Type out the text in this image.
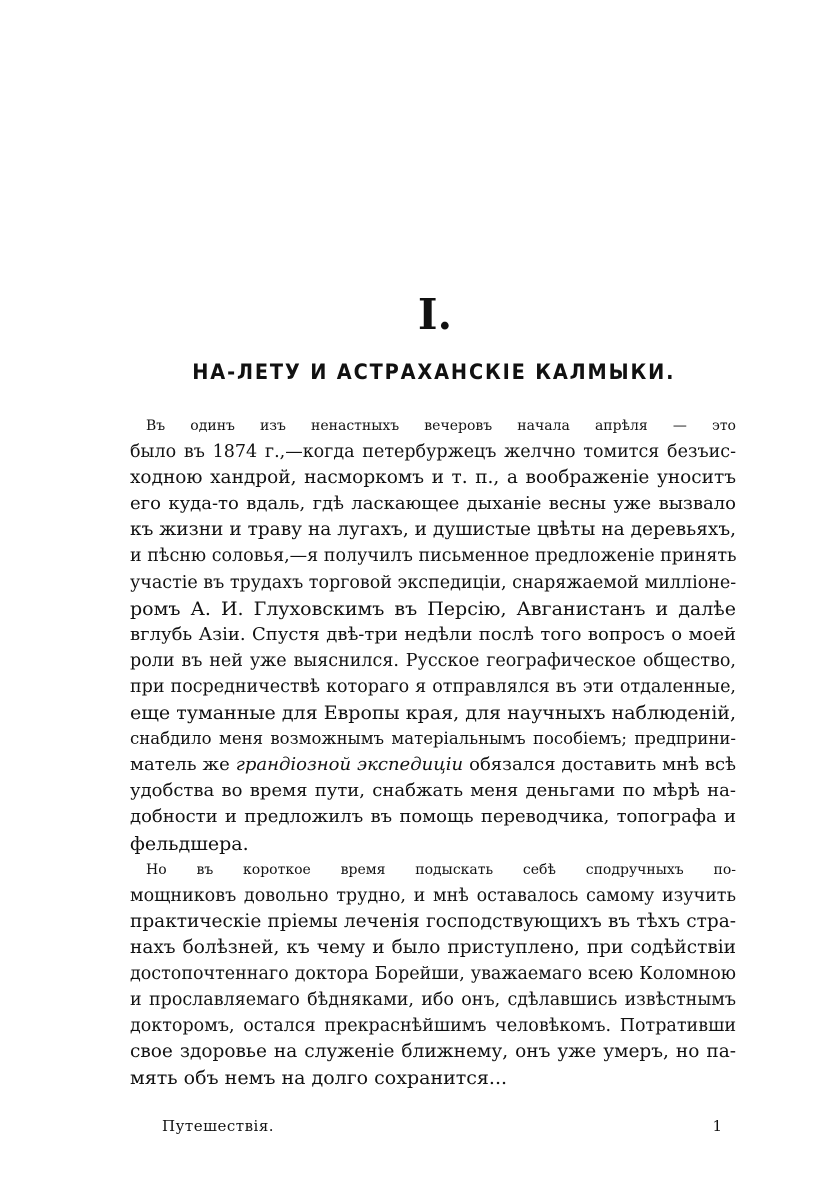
I.
НА-ЛЕТУ И АСТРАХАНСКІЕ КАЛМЫКИ.

Въ одинъ изъ ненастныхъ вечеровъ начала апрѣля — это
было въ 1874 г.,—когда петербуржецъ желчно томится безъис-
ходною хандрой, насморкомъ и т. п., а воображеніе уноситъ
его куда-то вдаль, гдѣ ласкающее дыханіе весны уже вызвало
къ жизни и траву на лугахъ, и душистые цвѣты на деревьяхъ,
и пѣсню соловья,—я получилъ письменное предложеніе принять
участіе въ трудахъ торговой экспедиціи, снаряжаемой милліоне-
ромъ А. И. Глуховскимъ въ Персію, Авганистанъ и далѣе
вглубь Азіи. Спустя двѣ-три недѣли послѣ того вопросъ о моей
роли въ ней уже выяснился. Русское географическое общество,
при посредничествѣ котораго я отправлялся въ эти отдаленные,
еще туманные для Европы края, для научныхъ наблюденій,
снабдило меня возможнымъ матеріальнымъ пособіемъ; предприни-
матель же грандіозной экспедиціи обязался доставить мнѣ всѣ
удобства во время пути, снабжать меня деньгами по мѣрѣ на-
добности и предложилъ въ помощь переводчика, топографа и
фельдшера.

Но въ короткое время подыскать себѣ сподручныхъ по-
мощниковъ довольно трудно, и мнѣ оставалось самому изучить
практическіе пріемы леченія господствующихъ въ тѣхъ стра-
нахъ болѣзней, къ чему и было приступлено, при содѣйствіи
достопочтеннаго доктора Борейши, уважаемаго всею Коломною
и прославляемаго бѣдняками, ибо онъ, сдѣлавшись извѣстнымъ
докторомъ, остался прекраснѣйшимъ человѣкомъ. Потративши
свое здоровье на служеніе ближнему, онъ уже умеръ, но па-
мять объ немъ на долго сохранится...

Путешествія.	1
